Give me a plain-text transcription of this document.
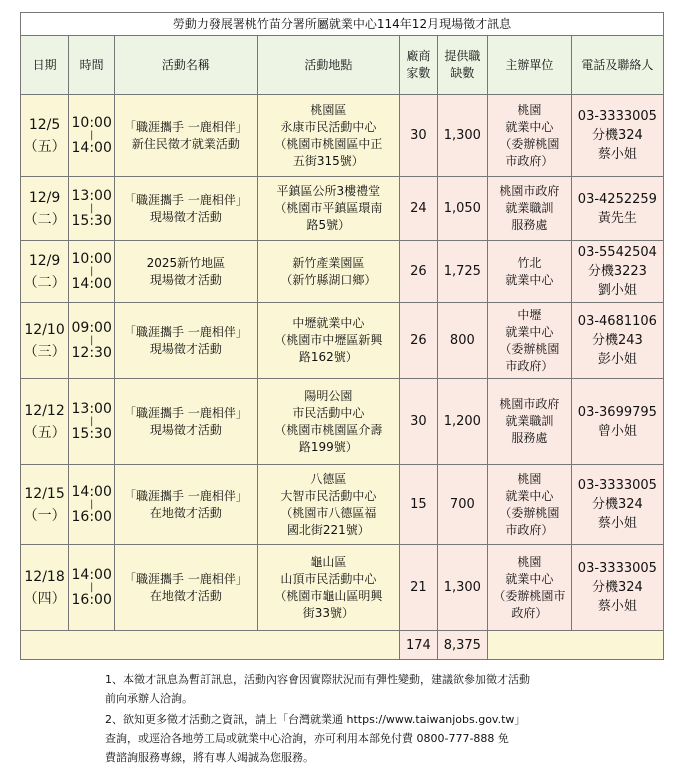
勞動力發展署桃竹苗分署所屬就業中心114年12月現場徵才訊息							
日期	時間	活動名稱	活動地點	廠商家數	提供職缺數	主辦單位	電話及聯絡人

12/5
（五）	10:00
|
14:00	「職涯攜手 一鹿相伴」
新住民徵才就業活動	桃園區
永康市民活動中心
（桃園市桃園區中正
五街315號）	30	1,300	桃園
就業中心
（委辦桃園
市政府）	03-3333005
分機324
蔡小姐

12/9
（二）	13:00
|
15:30	「職涯攜手 一鹿相伴」
現場徵才活動	平鎮區公所3樓禮堂
（桃園市平鎮區環南
路5號）	24	1,050	桃園市政府
就業職訓
服務處	03-4252259
黃先生

12/9
（二）	10:00
|
14:00	2025新竹地區
現場徵才活動	新竹產業園區
（新竹縣湖口鄉）	26	1,725	竹北
就業中心	03-5542504
分機3223
劉小姐

12/10
（三）	09:00
|
12:30	「職涯攜手 一鹿相伴」
現場徵才活動	中壢就業中心
（桃園市中壢區新興
路162號）	26	800	中壢
就業中心
（委辦桃園
市政府）	03-4681106
分機243
彭小姐

12/12
（五）	13:00
|
15:30	「職涯攜手 一鹿相伴」
現場徵才活動	陽明公園
市民活動中心
（桃園市桃園區介壽
路199號）	30	1,200	桃園市政府
就業職訓
服務處	03-3699795
曾小姐

12/15
（一）	14:00
|
16:00	「職涯攜手 一鹿相伴」
在地徵才活動	八德區
大智市民活動中心
（桃園市八德區福
國北街221號）	15	700	桃園
就業中心
（委辦桃園
市政府）	03-3333005
分機324
蔡小姐

12/18
（四）	14:00
|
16:00	「職涯攜手 一鹿相伴」
在地徵才活動	龜山區
山頂市民活動中心
（桃園市龜山區明興
街33號）	21	1,300	桃園
就業中心
（委辦桃園市
政府）	03-3333005
分機324
蔡小姐

				174	8,375		

1、本徵才訊息為暫訂訊息，活動內容會因實際狀況而有彈性變動，建議欲參加徵才活動
前向承辦人洽詢。

2、欲知更多徵才活動之資訊，請上「台灣就業通 https://www.taiwanjobs.gov.tw」
查詢，或逕洽各地勞工局或就業中心洽詢，亦可利用本部免付費 0800-777-888 免
費諮詢服務專線，將有專人竭誠為您服務。
